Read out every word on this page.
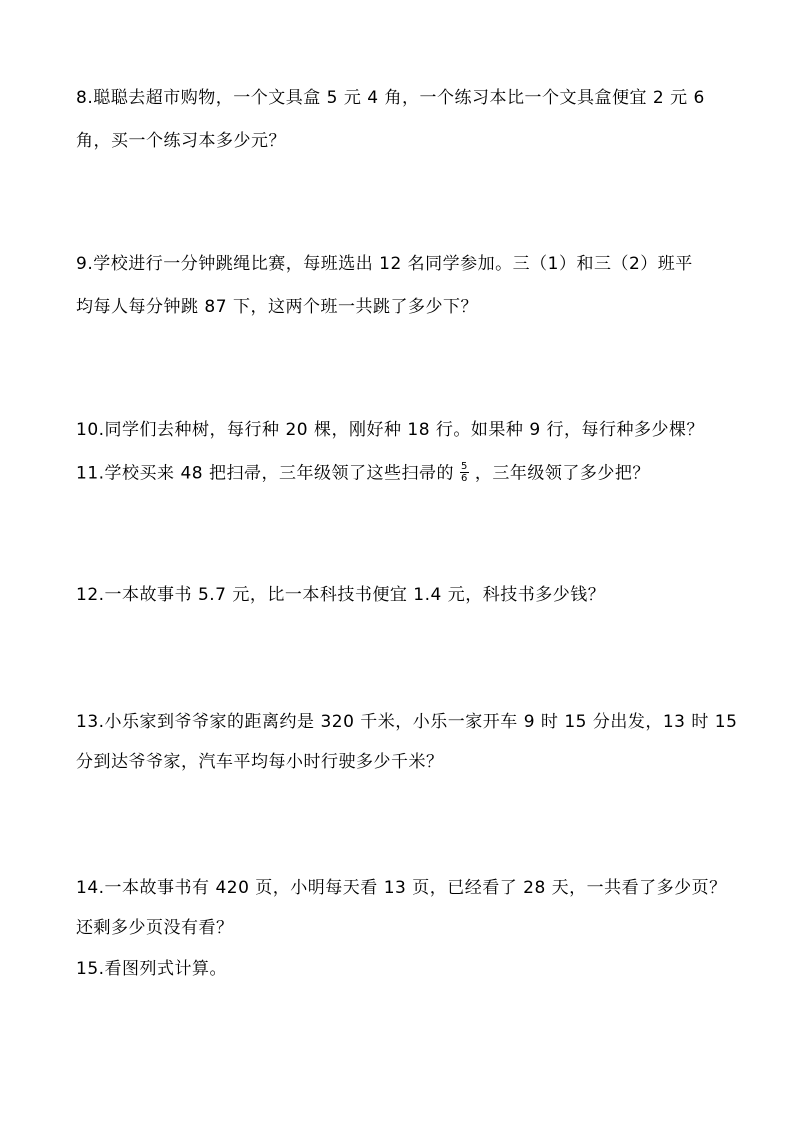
8.聪聪去超市购物，一个文具盒 5 元 4 角，一个练习本比一个文具盒便宜 2 元 6
角，买一个练习本多少元？
9.学校进行一分钟跳绳比赛，每班选出 12 名同学参加。三（1）和三（2）班平
均每人每分钟跳 87 下，这两个班一共跳了多少下？
10.同学们去种树，每行种 20 棵，刚好种 18 行。如果种 9 行，每行种多少棵？
11.学校买来 48 把扫帚，三年级领了这些扫帚的 $\frac{5}{6}$ ，三年级领了多少把？
12.一本故事书 5.7 元，比一本科技书便宜 1.4 元，科技书多少钱？
13.小乐家到爷爷家的距离约是 320 千米，小乐一家开车 9 时 15 分出发，13 时 15
分到达爷爷家，汽车平均每小时行驶多少千米？
14.一本故事书有 420 页，小明每天看 13 页，已经看了 28 天，一共看了多少页？
还剩多少页没有看？
15.看图列式计算。
